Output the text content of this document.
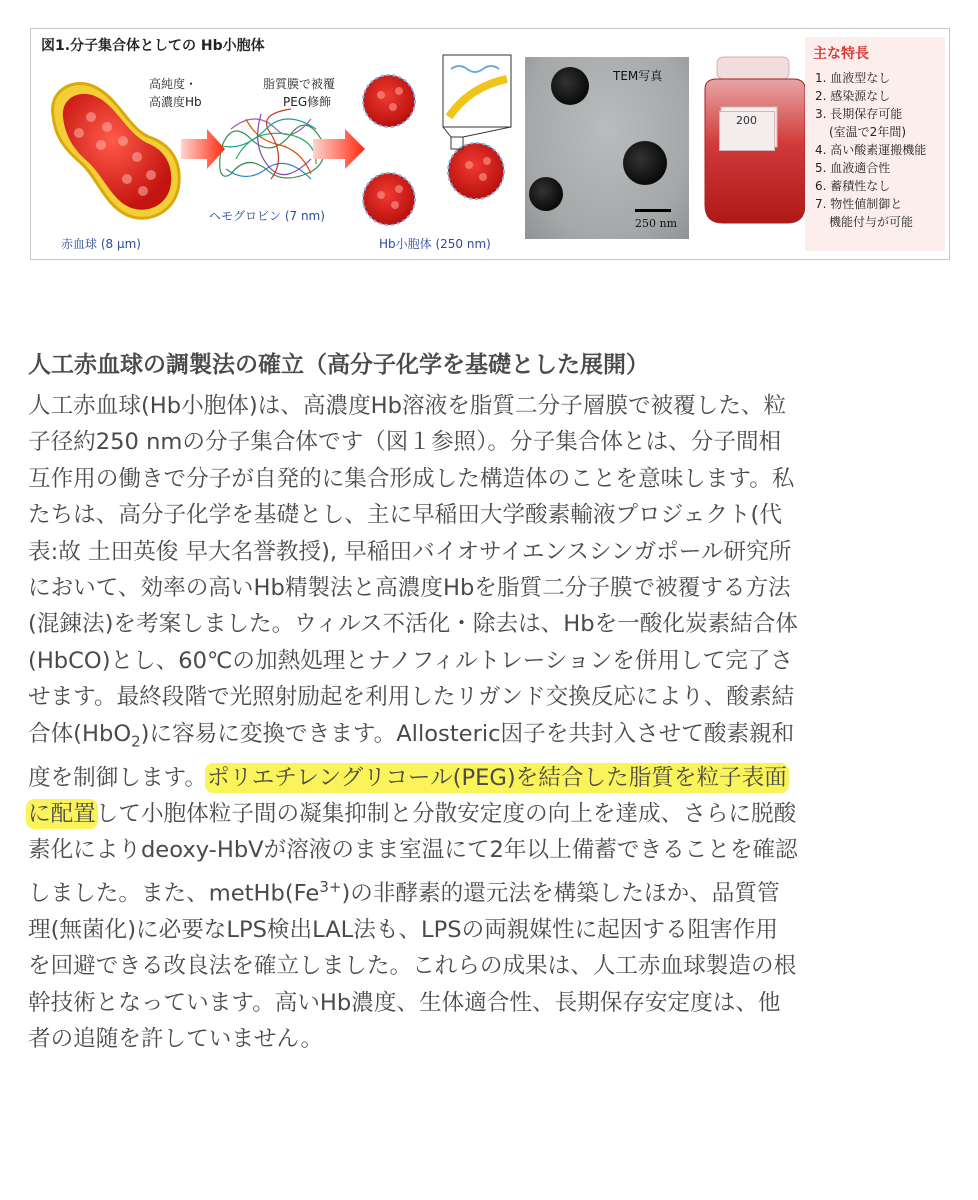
図1.分子集合体としての Hb小胞体
高純度・
高濃度Hb
脂質膜で被覆
PEG修飾
ヘモグロビン (7 nm)
赤血球 (8 μm)	Hb小胞体 (250 nm)
TEM写真
250 nm
200
主な特長
1. 血液型なし
2. 感染源なし
3. 長期保存可能
(室温で2年間)
4. 高い酸素運搬機能
5. 血液適合性
6. 蓄積性なし
7. 物性値制御と
機能付与が可能
人工赤血球の調製法の確立（高分子化学を基礎とした展開）

人工赤血球(Hb小胞体)は、高濃度Hb溶液を脂質二分子層膜で被覆した、粒
子径約250 nmの分子集合体です（図１参照）。分子集合体とは、分子間相
互作用の働きで分子が自発的に集合形成した構造体のことを意味します。私
たちは、高分子化学を基礎とし、主に早稲田大学酸素輸液プロジェクト(代
表:故 土田英俊 早大名誉教授), 早稲田バイオサイエンスシンガポール研究所
において、効率の高いHb精製法と高濃度Hbを脂質二分子膜で被覆する方法
(混錬法)を考案しました。ウィルス不活化・除去は、Hbを一酸化炭素結合体
(HbCO)とし、60℃の加熱処理とナノフィルトレーションを併用して完了さ
せます。最終段階で光照射励起を利用したリガンド交換反応により、酸素結
合体(HbO$_2$)に容易に変換できます。Allosteric因子を共封入させて酸素親和
度を制御します。ポリエチレングリコール(PEG)を結合した脂質を粒子表面
に配置して小胞体粒子間の凝集抑制と分散安定度の向上を達成、さらに脱酸
素化によりdeoxy-HbVが溶液のまま室温にて2年以上備蓄できることを確認
しました。また、$metHb(Fe^{3+})$の非酵素的還元法を構築したほか、品質管
理(無菌化)に必要なLPS検出LAL法も、LPSの両親媒性に起因する阻害作用
を回避できる改良法を確立しました。これらの成果は、人工赤血球製造の根
幹技術となっています。高いHb濃度、生体適合性、長期保存安定度は、他
者の追随を許していません。
